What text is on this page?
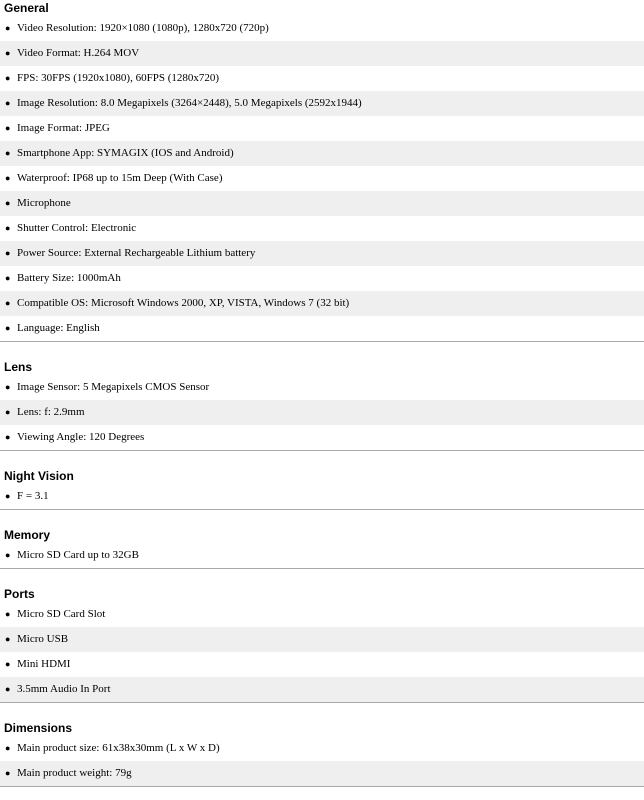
General
● Video Resolution: 1920×1080 (1080p), 1280x720 (720p)
● Video Format: H.264 MOV
● FPS: 30FPS (1920x1080), 60FPS (1280x720)
● Image Resolution: 8.0 Megapixels (3264×2448), 5.0 Megapixels (2592x1944)
● Image Format: JPEG
● Smartphone App: SYMAGIX (IOS and Android)
● Waterproof: IP68 up to 15m Deep (With Case)
● Microphone
● Shutter Control: Electronic
● Power Source: External Rechargeable Lithium battery
● Battery Size: 1000mAh
● Compatible OS: Microsoft Windows 2000, XP, VISTA, Windows 7 (32 bit)
● Language: English
Lens
● Image Sensor: 5 Megapixels CMOS Sensor
● Lens: f: 2.9mm
● Viewing Angle: 120 Degrees
Night Vision
● F = 3.1
Memory
● Micro SD Card up to 32GB
Ports
● Micro SD Card Slot
● Micro USB
● Mini HDMI
● 3.5mm Audio In Port
Dimensions
● Main product size: 61x38x30mm (L x W x D)
● Main product weight: 79g
